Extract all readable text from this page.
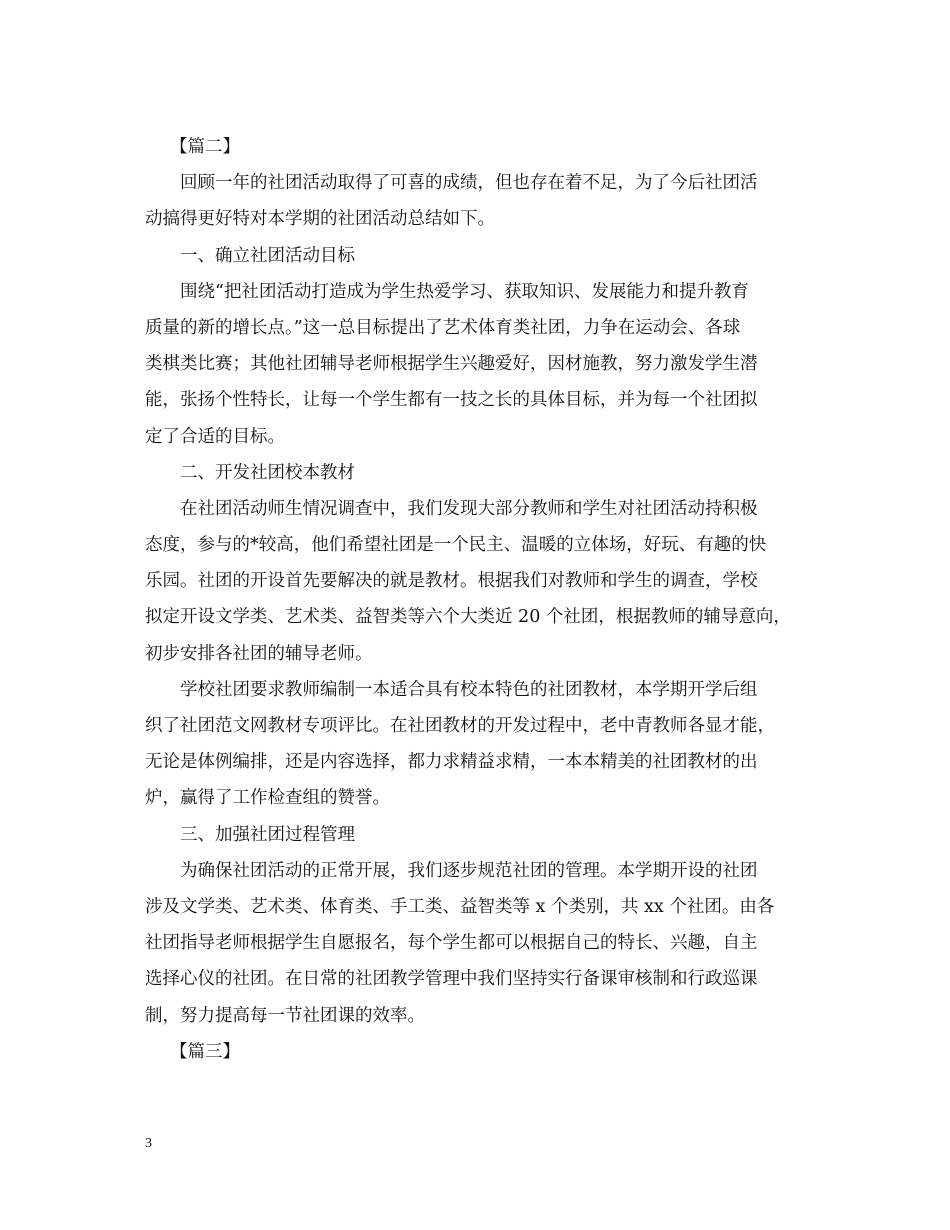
【篇二】
回顾一年的社团活动取得了可喜的成绩，但也存在着不足，为了今后社团活
动搞得更好特对本学期的社团活动总结如下。
一、确立社团活动目标
围绕“把社团活动打造成为学生热爱学习、获取知识、发展能力和提升教育
质量的新的增长点。”这一总目标提出了艺术体育类社团，力争在运动会、各球
类棋类比赛；其他社团辅导老师根据学生兴趣爱好，因材施教，努力激发学生潜
能，张扬个性特长，让每一个学生都有一技之长的具体目标，并为每一个社团拟
定了合适的目标。
二、开发社团校本教材
在社团活动师生情况调查中，我们发现大部分教师和学生对社团活动持积极
态度，参与的*较高，他们希望社团是一个民主、温暖的立体场，好玩、有趣的快
乐园。社团的开设首先要解决的就是教材。根据我们对教师和学生的调查，学校
拟定开设文学类、艺术类、益智类等六个大类近 20 个社团，根据教师的辅导意向，
初步安排各社团的辅导老师。
学校社团要求教师编制一本适合具有校本特色的社团教材，本学期开学后组
织了社团范文网教材专项评比。在社团教材的开发过程中，老中青教师各显才能，
无论是体例编排，还是内容选择，都力求精益求精，一本本精美的社团教材的出
炉，赢得了工作检查组的赞誉。
三、加强社团过程管理
为确保社团活动的正常开展，我们逐步规范社团的管理。本学期开设的社团
涉及文学类、艺术类、体育类、手工类、益智类等 x 个类别，共 xx 个社团。由各
社团指导老师根据学生自愿报名，每个学生都可以根据自己的特长、兴趣，自主
选择心仪的社团。在日常的社团教学管理中我们坚持实行备课审核制和行政巡课
制，努力提高每一节社团课的效率。
【篇三】
3
